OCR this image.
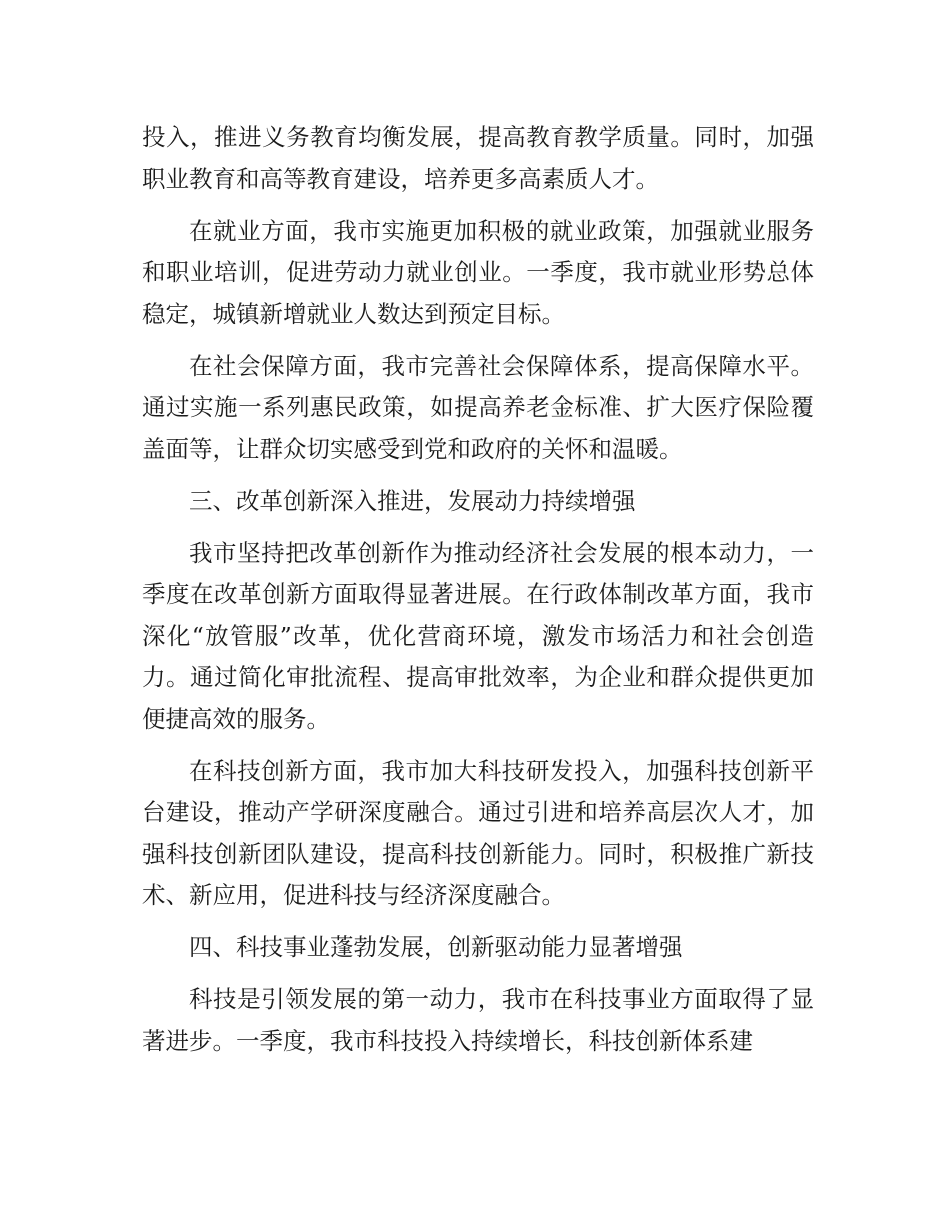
投入，推进义务教育均衡发展，提高教育教学质量。同时，加强职业教育和高等教育建设，培养更多高素质人才。

在就业方面，我市实施更加积极的就业政策，加强就业服务和职业培训，促进劳动力就业创业。一季度，我市就业形势总体稳定，城镇新增就业人数达到预定目标。

在社会保障方面，我市完善社会保障体系，提高保障水平。通过实施一系列惠民政策，如提高养老金标准、扩大医疗保险覆盖面等，让群众切实感受到党和政府的关怀和温暖。

三、改革创新深入推进，发展动力持续增强

我市坚持把改革创新作为推动经济社会发展的根本动力，一季度在改革创新方面取得显著进展。在行政体制改革方面，我市深化“放管服”改革，优化营商环境，激发市场活力和社会创造力。通过简化审批流程、提高审批效率，为企业和群众提供更加便捷高效的服务。

在科技创新方面，我市加大科技研发投入，加强科技创新平台建设，推动产学研深度融合。通过引进和培养高层次人才，加强科技创新团队建设，提高科技创新能力。同时，积极推广新技术、新应用，促进科技与经济深度融合。

四、科技事业蓬勃发展，创新驱动能力显著增强

科技是引领发展的第一动力，我市在科技事业方面取得了显著进步。一季度，我市科技投入持续增长，科技创新体系建
